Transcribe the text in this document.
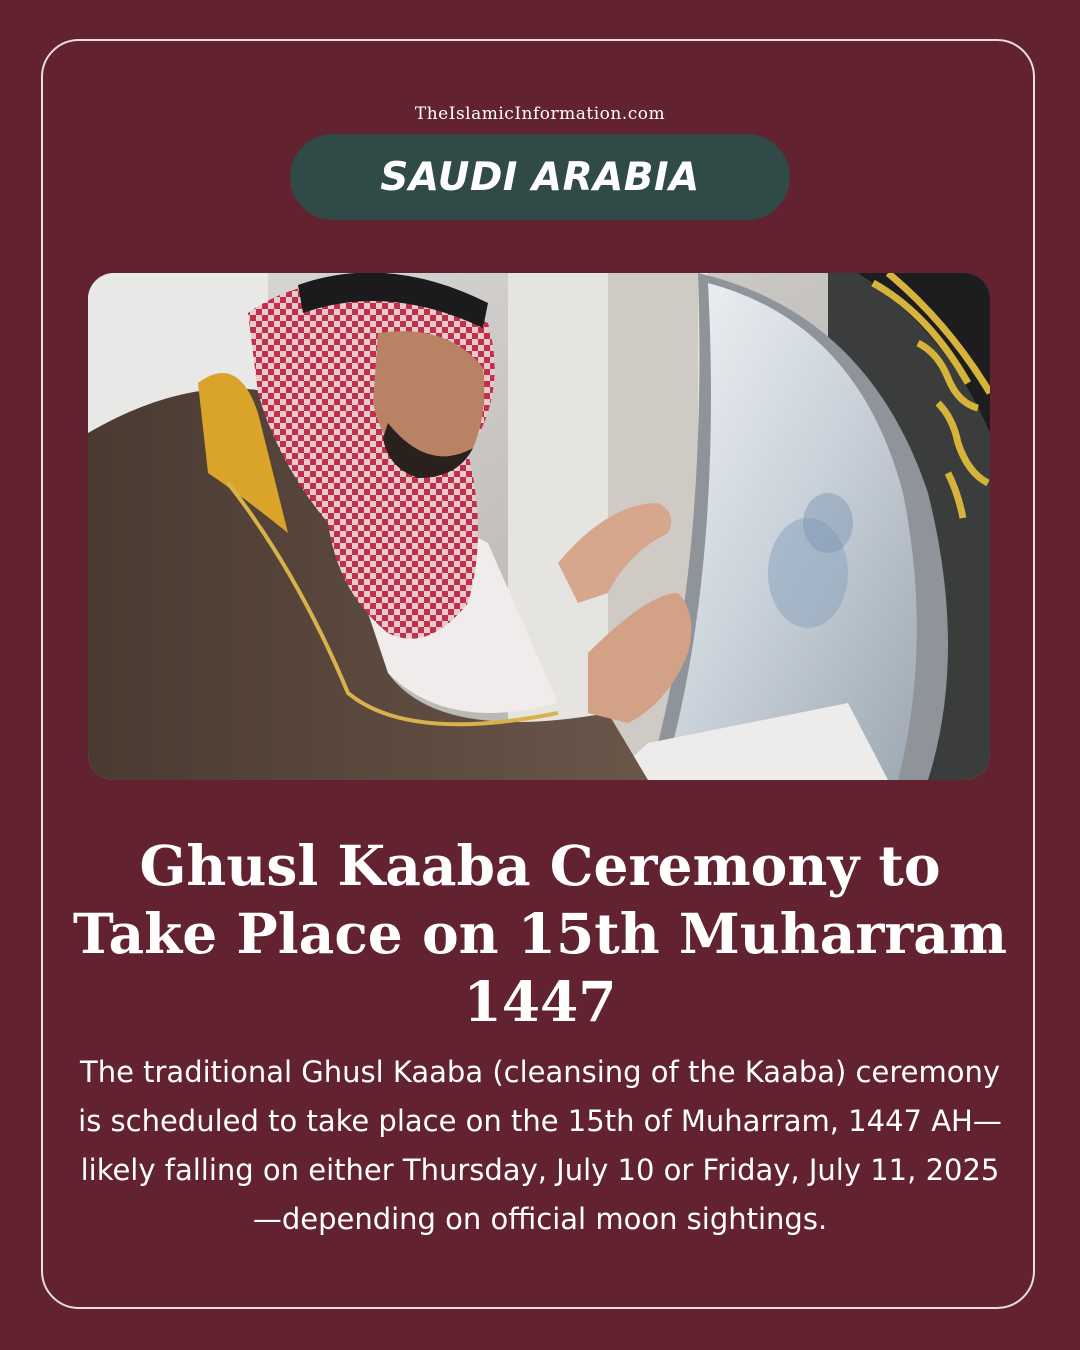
TheIslamicInformation.com
SAUDI ARABIA
Ghusl Kaaba Ceremony to Take Place on 15th Muharram 1447

The traditional Ghusl Kaaba (cleansing of the Kaaba) ceremony is scheduled to take place on the 15th of Muharram, 1447 AH—likely falling on either Thursday, July 10 or Friday, July 11, 2025—depending on official moon sightings.
